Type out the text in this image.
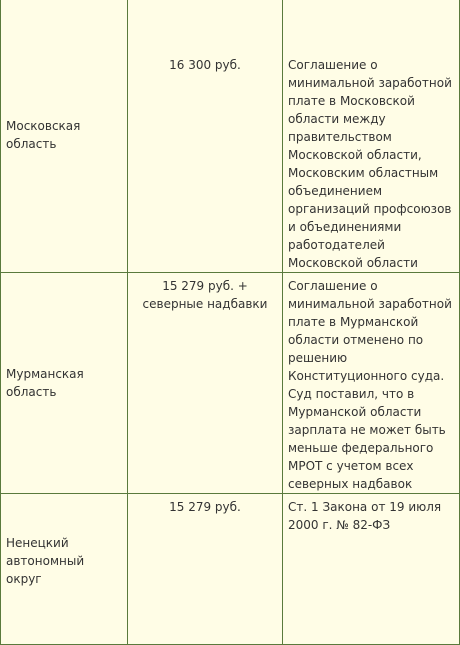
Московская область	16 300 руб.	Соглашение о минимальной заработной плате в Московской области между правительством Московской области, Московским областным объединением организаций профсоюзов и объединениями работодателей Московской области
Мурманская область	15 279 руб. + северные надбавки	Соглашение о минимальной заработной плате в Мурманской области отменено по решению Конституционного суда. Суд поставил, что в Мурманской области зарплата не может быть меньше федерального МРОТ с учетом всех северных надбавок
Ненецкий автономный округ	15 279 руб.	Ст. 1 Закона от 19 июля 2000 г. № 82-ФЗ
